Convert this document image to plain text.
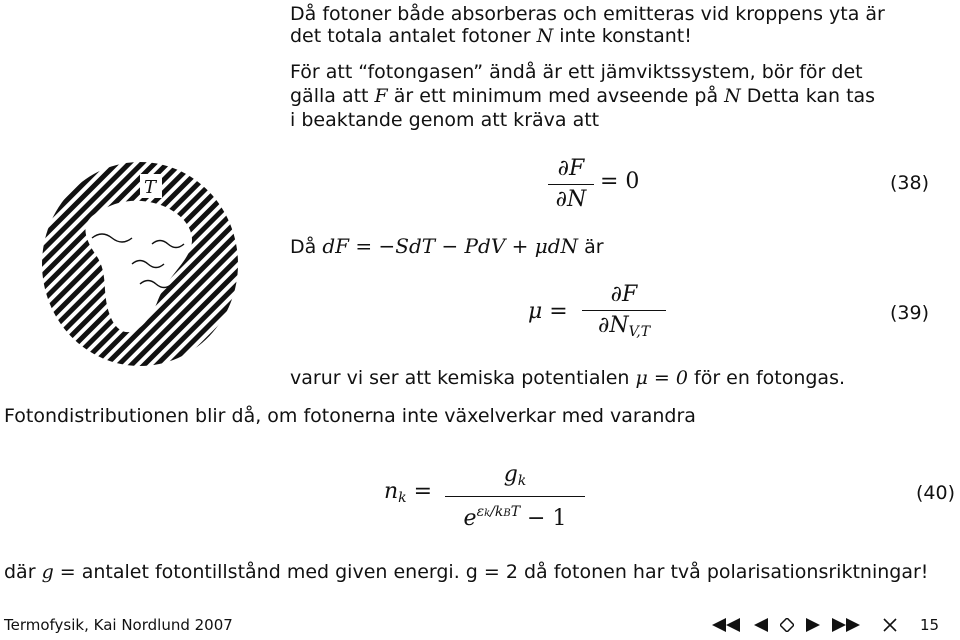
Då fotoner både absorberas och emitteras vid kroppens yta är
det totala antalet fotoner N inte konstant!
För att “fotongasen” ändå är ett jämviktssystem, bör för det
gälla att F är ett minimum med avseende på N Detta kan tas
i beaktande genom att kräva att
T
∂F
∂N
= 0	(38)
Då dF = −SdT − PdV + μdN är
μ =
∂F
$\partial N_{V,T}$
(39)
varur vi ser att kemiska potentialen μ = 0 för en fotongas.
Fotondistributionen blir då, om fotonerna inte växelverkar med varandra
$n_k$ =
$g_k$
$e^{\varepsilon k/kBT} - 1$
(40)
där g = antalet fotontillstånd med given energi. g = 2 då fotonen har två polarisationsriktningar!
Termofysik, Kai Nordlund 2007	15
